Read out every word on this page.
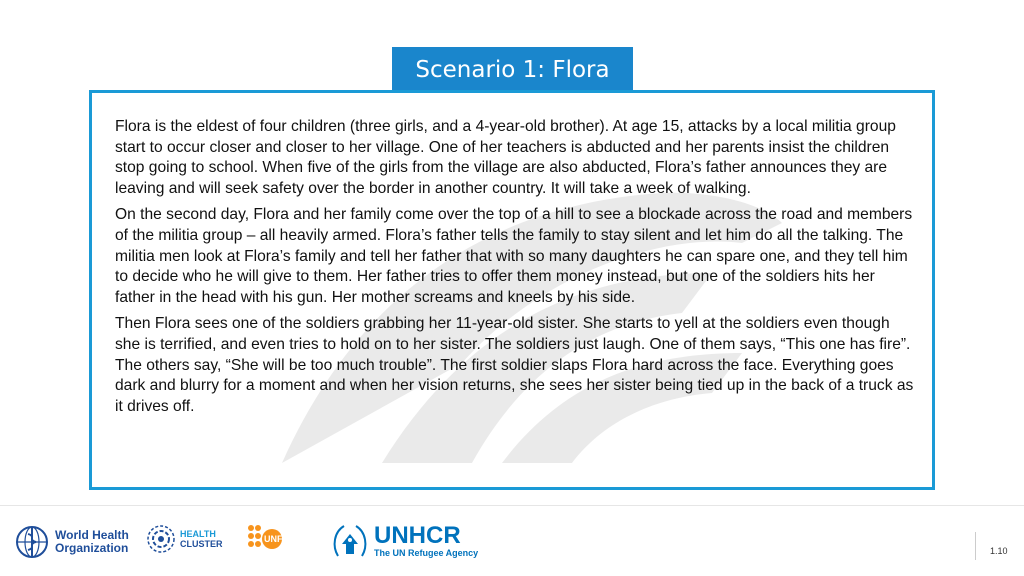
Scenario 1: Flora

Flora is the eldest of four children (three girls, and a 4-year-old brother). At age 15, attacks by a local militia group start to occur closer and closer to her village. One of her teachers is abducted and her parents insist the children stop going to school. When five of the girls from the village are also abducted, Flora’s father announces they are leaving and will seek safety over the border in another country. It will take a week of walking.

On the second day, Flora and her family come over the top of a hill to see a blockade across the road and members of the militia group – all heavily armed. Flora’s father tells the family to stay silent and let him do all the talking. The militia men look at Flora’s family and tell her father that with so many daughters he can spare one, and they tell him to decide who he will give to them. Her father tries to offer them money instead, but one of the soldiers hits her father in the head with his gun. Her mother screams and kneels by his side.

Then Flora sees one of the soldiers grabbing her 11-year-old sister. She starts to yell at the soldiers even though she is terrified, and even tries to hold on to her sister. The soldiers just laugh. One of them says, “This one has fire”. The others say, “She will be too much trouble”. The first soldier slaps Flora hard across the face. Everything goes dark and blurry for a moment and when her vision returns, she sees her sister being tied up in the back of a truck as it drives off.

World Health
Organization
HEALTH
CLUSTER	UNFPA	UNHCR
The UN Refugee Agency	1.10
